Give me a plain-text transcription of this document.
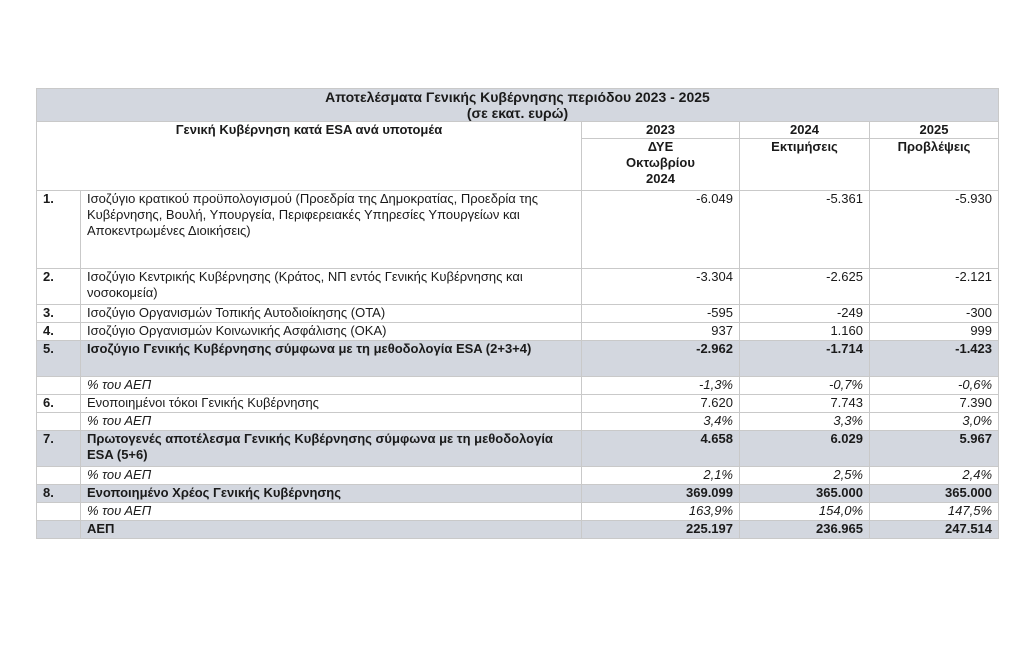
Αποτελέσματα Γενικής Κυβέρνησης περιόδου 2023 - 2025
(σε εκατ. ευρώ)				

Γενική Κυβέρνηση κατά ESA ανά υποτομέα		2023	2024	2025
		ΔΥΕ Οκτωβρίου 2024	Εκτιμήσεις	Προβλέψεις
1.	Ισοζύγιο κρατικού προϋπολογισμού (Προεδρία της Δημοκρατίας, Προεδρία της Κυβέρνησης, Βουλή, Υπουργεία, Περιφερειακές Υπηρεσίες Υπουργείων και Αποκεντρωμένες Διοικήσεις)	-6.049	-5.361	-5.930
2.	Ισοζύγιο Κεντρικής Κυβέρνησης (Κράτος, ΝΠ εντός Γενικής Κυβέρνησης και νοσοκομεία)	-3.304	-2.625	-2.121
3.	Ισοζύγιο Οργανισμών Τοπικής Αυτοδιοίκησης (ΟΤΑ)	-595	-249	-300
4.	Ισοζύγιο Οργανισμών Κοινωνικής Ασφάλισης (ΟΚΑ)	937	1.160	999
5.	Ισοζύγιο Γενικής Κυβέρνησης σύμφωνα με τη μεθοδολογία ESA (2+3+4)	-2.962	-1.714	-1.423
	% του ΑΕΠ	-1,3%	-0,7%	-0,6%
6.	Ενοποιημένοι τόκοι Γενικής Κυβέρνησης	7.620	7.743	7.390
	% του ΑΕΠ	3,4%	3,3%	3,0%
7.	Πρωτογενές αποτέλεσμα Γενικής Κυβέρνησης σύμφωνα με τη μεθοδολογία ESA (5+6)	4.658	6.029	5.967
	% του ΑΕΠ	2,1%	2,5%	2,4%
8.	Ενοποιημένο Χρέος Γενικής Κυβέρνησης	369.099	365.000	365.000
	% του ΑΕΠ	163,9%	154,0%	147,5%
	ΑΕΠ	225.197	236.965	247.514
